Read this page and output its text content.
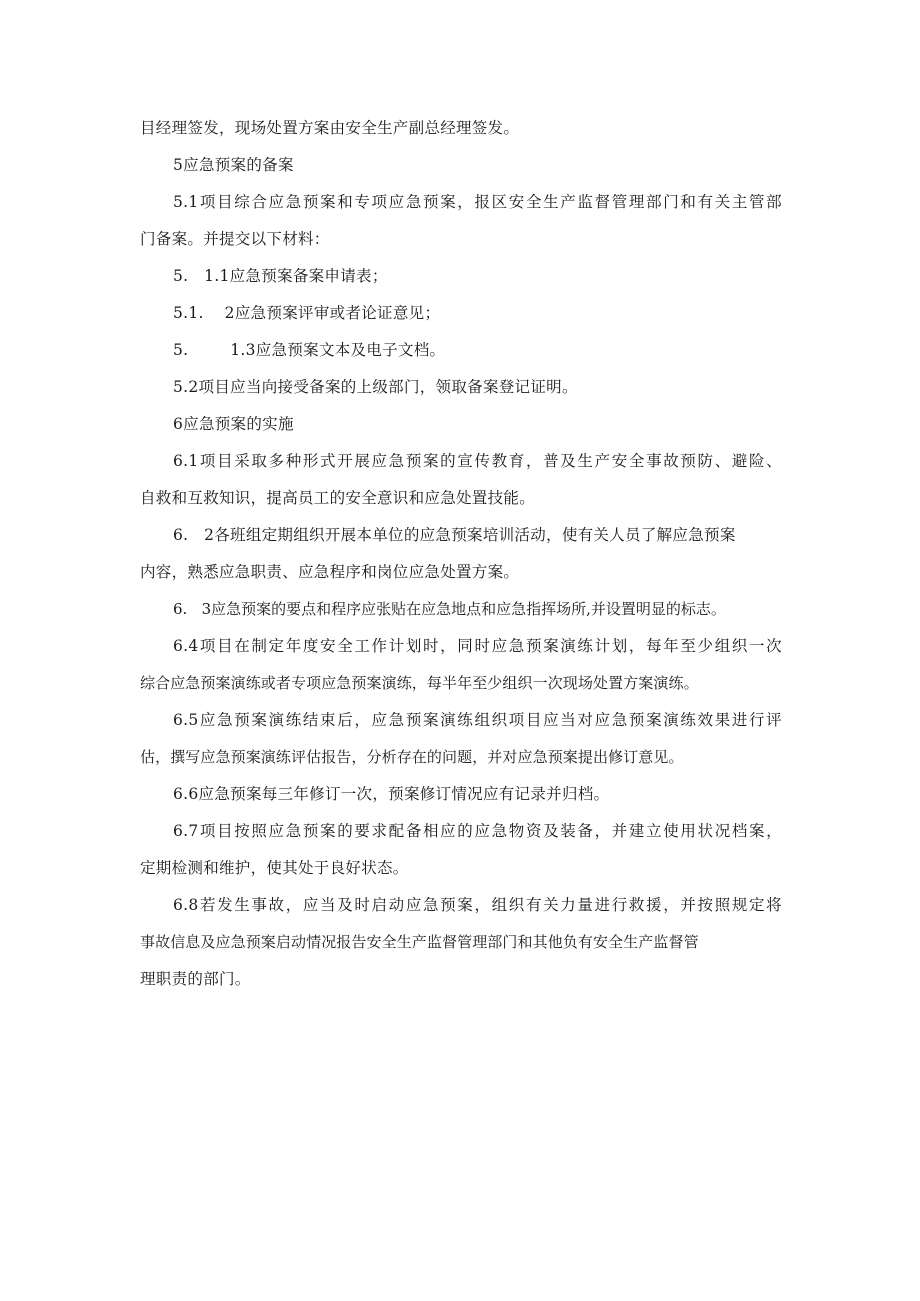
目经理签发，现场处置方案由安全生产副总经理签发。
5应急预案的备案
5.1项目综合应急预案和专项应急预案，报区安全生产监督管理部门和有关主管部
门备案。并提交以下材料：
5.   1.1应急预案备案申请表；
5.1.    2应急预案评审或者论证意见；
5.        1.3应急预案文本及电子文档。
5.2项目应当向接受备案的上级部门，领取备案登记证明。
6应急预案的实施
6.1项目采取多种形式开展应急预案的宣传教育，普及生产安全事故预防、避险、
自救和互救知识，提高员工的安全意识和应急处置技能。
6.   2各班组定期组织开展本单位的应急预案培训活动，使有关人员了解应急预案
内容，熟悉应急职责、应急程序和岗位应急处置方案。
6.   3应急预案的要点和程序应张贴在应急地点和应急指挥场所,并设置明显的标志。
6.4项目在制定年度安全工作计划时，同时应急预案演练计划，每年至少组织一次
综合应急预案演练或者专项应急预案演练，每半年至少组织一次现场处置方案演练。
6.5应急预案演练结束后，应急预案演练组织项目应当对应急预案演练效果进行评
估，撰写应急预案演练评估报告，分析存在的问题，并对应急预案提出修订意见。
6.6应急预案每三年修订一次，预案修订情况应有记录并归档。
6.7项目按照应急预案的要求配备相应的应急物资及装备，并建立使用状况档案，
定期检测和维护，使其处于良好状态。
6.8若发生事故，应当及时启动应急预案，组织有关力量进行救援，并按照规定将
事故信息及应急预案启动情况报告安全生产监督管理部门和其他负有安全生产监督管
理职责的部门。
